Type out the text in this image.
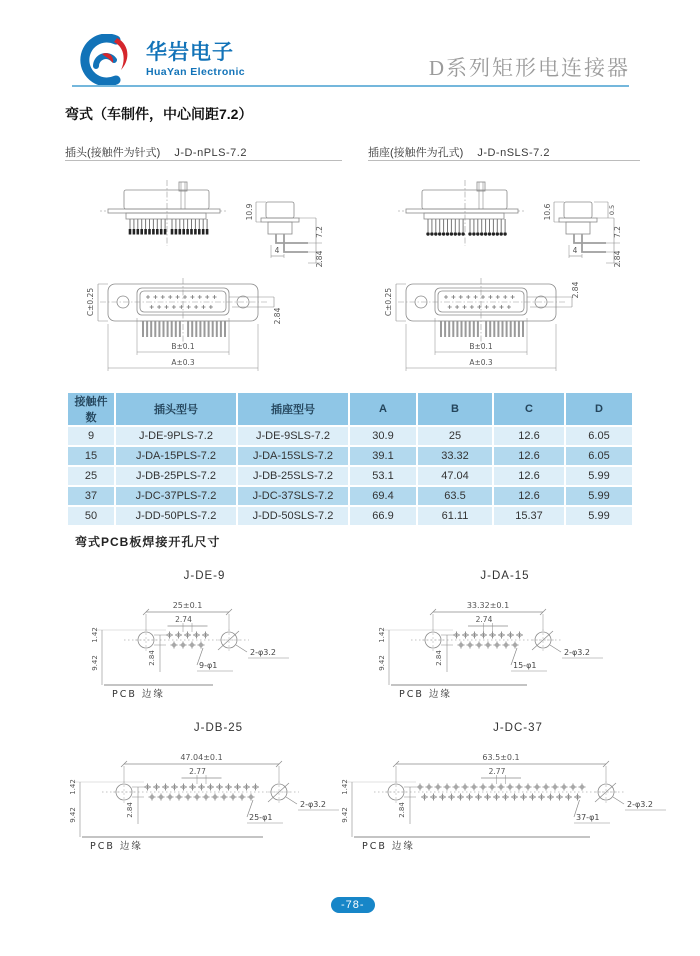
华岩电子
HuaYan Electronic	D系列矩形电连接器
弯式（车制件，中心间距7.2）
插头(接触件为针式) J-D-nPLS-7.2	插座(接触件为孔式) J-D-nSLS-7.2
10.9
7.2
2.84
4
C±0.25	2.84
B±0.1
A±0.3
10.6
7.2
2.84
4
0.5
C±0.25	2.84
B±0.1
A±0.3
接触件数	插头型号	插座型号	A	B	C	D
9	J-DE-9PLS-7.2	J-DE-9SLS-7.2	30.9	25	12.6	6.05
15	J-DA-15PLS-7.2	J-DA-15SLS-7.2	39.1	33.32	12.6	6.05
25	J-DB-25PLS-7.2	J-DB-25SLS-7.2	53.1	47.04	12.6	5.99
37	J-DC-37PLS-7.2	J-DC-37SLS-7.2	69.4	63.5	12.6	5.99
50	J-DD-50PLS-7.2	J-DD-50SLS-7.2	66.9	61.11	15.37	5.99
弯式PCB板焊接开孔尺寸
J-DE-9	J-DA-15
J-DB-25	J-DC-37
25±0.1
2.74
1.42
9.42	2.84	2-φ3.2
9-φ1
PCB 边缘
33.32±0.1
2.74
1.42
9.42	2.84	2-φ3.2
15-φ1
PCB 边缘
47.04±0.1
2.77
1.42
9.42	2.84	2-φ3.2
25-φ1
PCB 边缘
63.5±0.1
2.77
1.42
9.42	2.84	2-φ3.2
37-φ1
PCB 边缘
-78-
